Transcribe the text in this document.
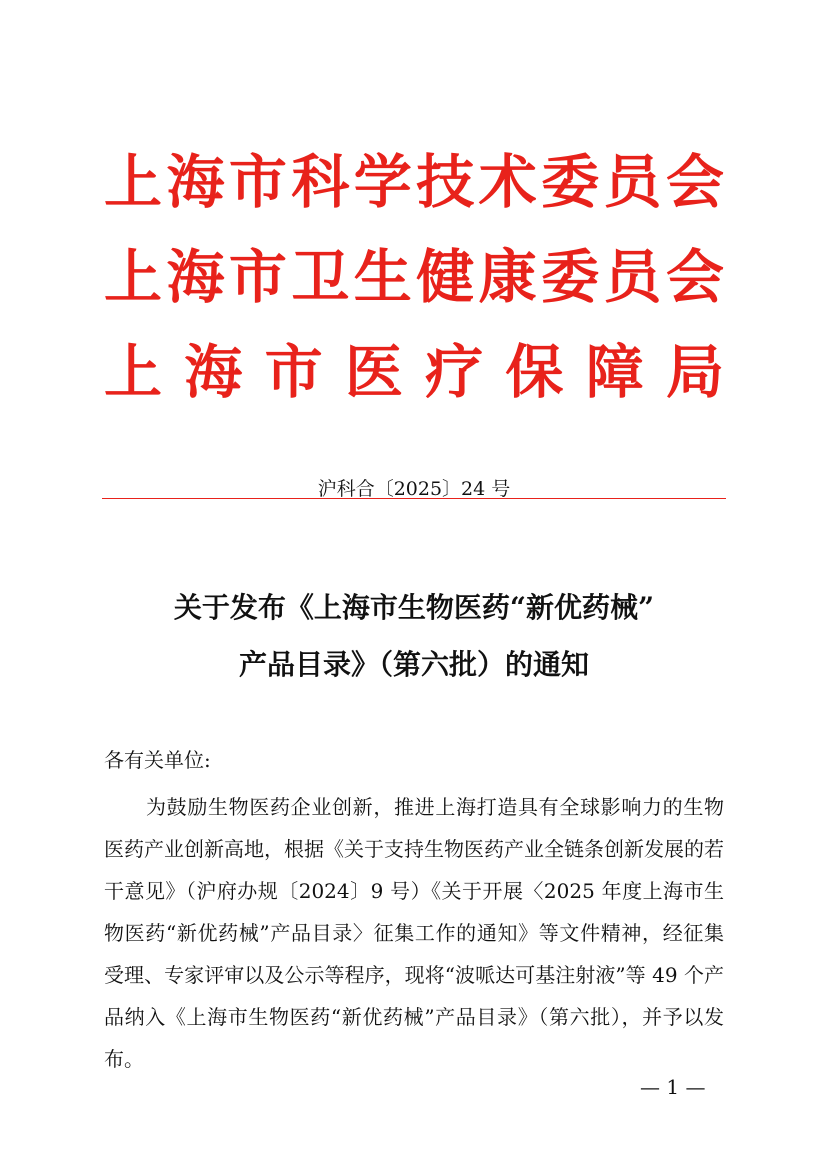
上 海 市 科 学 技 术 委 员 会
上 海 市 卫 生 健 康 委 员 会
上 海 市 医 疗 保 障 局
沪科合〔2025〕24 号
关于发布《上海市生物医药“新优药械”
产品目录》（第六批）的通知
各有关单位:
为鼓励生物医药企业创新，推进上海打造具有全球影响力的生物医药产业创新高地，根据《关于支持生物医药产业全链条创新发展的若干意见》（沪府办规〔2024〕9 号）《关于开展〈2025 年度上海市生物医药“新优药械”产品目录〉征集工作的通知》等文件精神，经征集受理、专家评审以及公示等程序，现将“波哌达可基注射液”等 49 个产品纳入《上海市生物医药“新优药械”产品目录》（第六批），并予以发布。
— 1 —
